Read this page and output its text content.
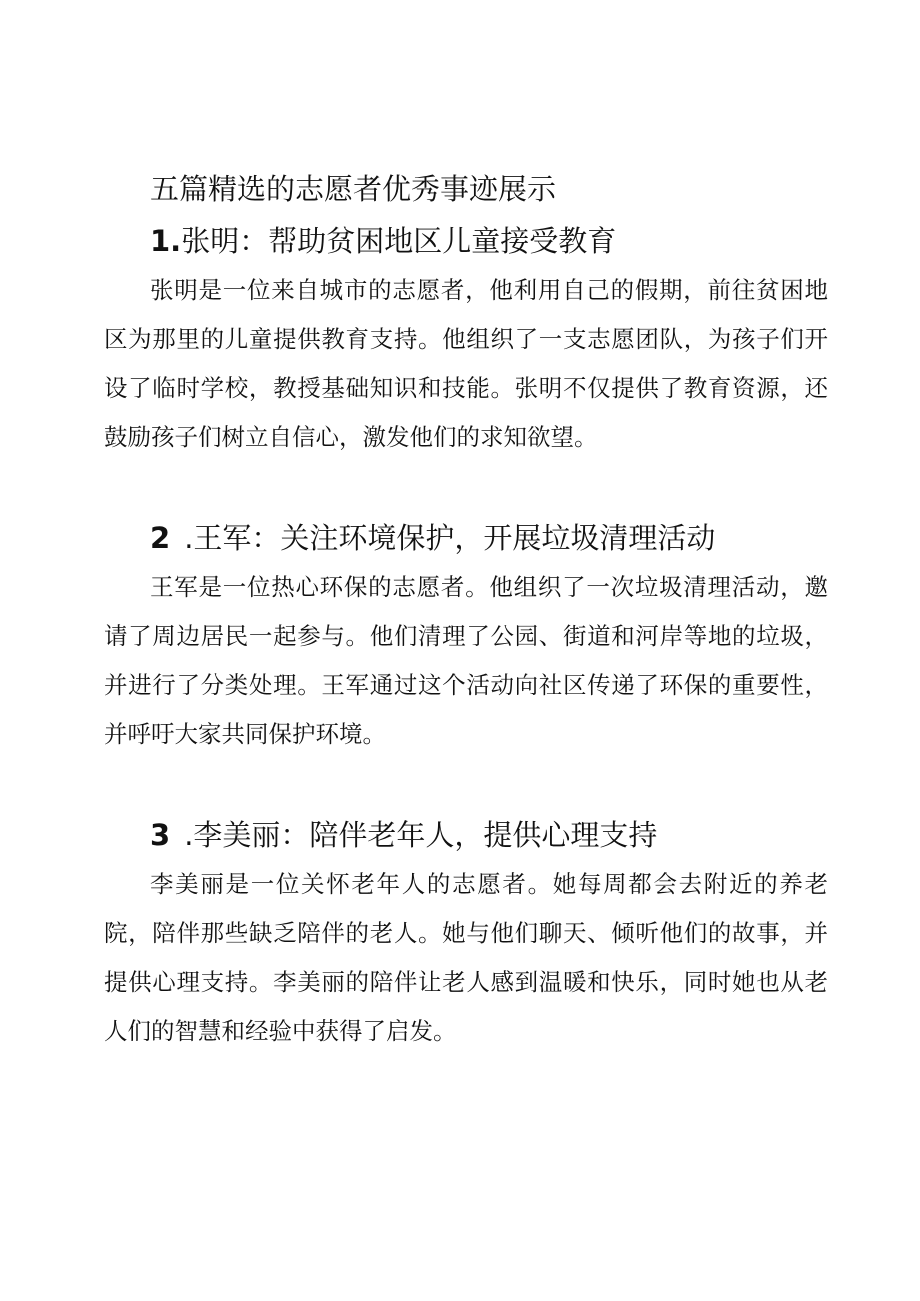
五篇精选的志愿者优秀事迹展示
1.张明：帮助贫困地区儿童接受教育

张明是一位来自城市的志愿者，他利用自己的假期，前往贫困地区为那里的儿童提供教育支持。他组织了一支志愿团队，为孩子们开设了临时学校，教授基础知识和技能。张明不仅提供了教育资源，还鼓励孩子们树立自信心，激发他们的求知欲望。

2 .王军：关注环境保护，开展垃圾清理活动

王军是一位热心环保的志愿者。他组织了一次垃圾清理活动，邀请了周边居民一起参与。他们清理了公园、街道和河岸等地的垃圾，并进行了分类处理。王军通过这个活动向社区传递了环保的重要性，并呼吁大家共同保护环境。

3 .李美丽：陪伴老年人，提供心理支持

李美丽是一位关怀老年人的志愿者。她每周都会去附近的养老院，陪伴那些缺乏陪伴的老人。她与他们聊天、倾听他们的故事，并提供心理支持。李美丽的陪伴让老人感到温暖和快乐，同时她也从老人们的智慧和经验中获得了启发。
